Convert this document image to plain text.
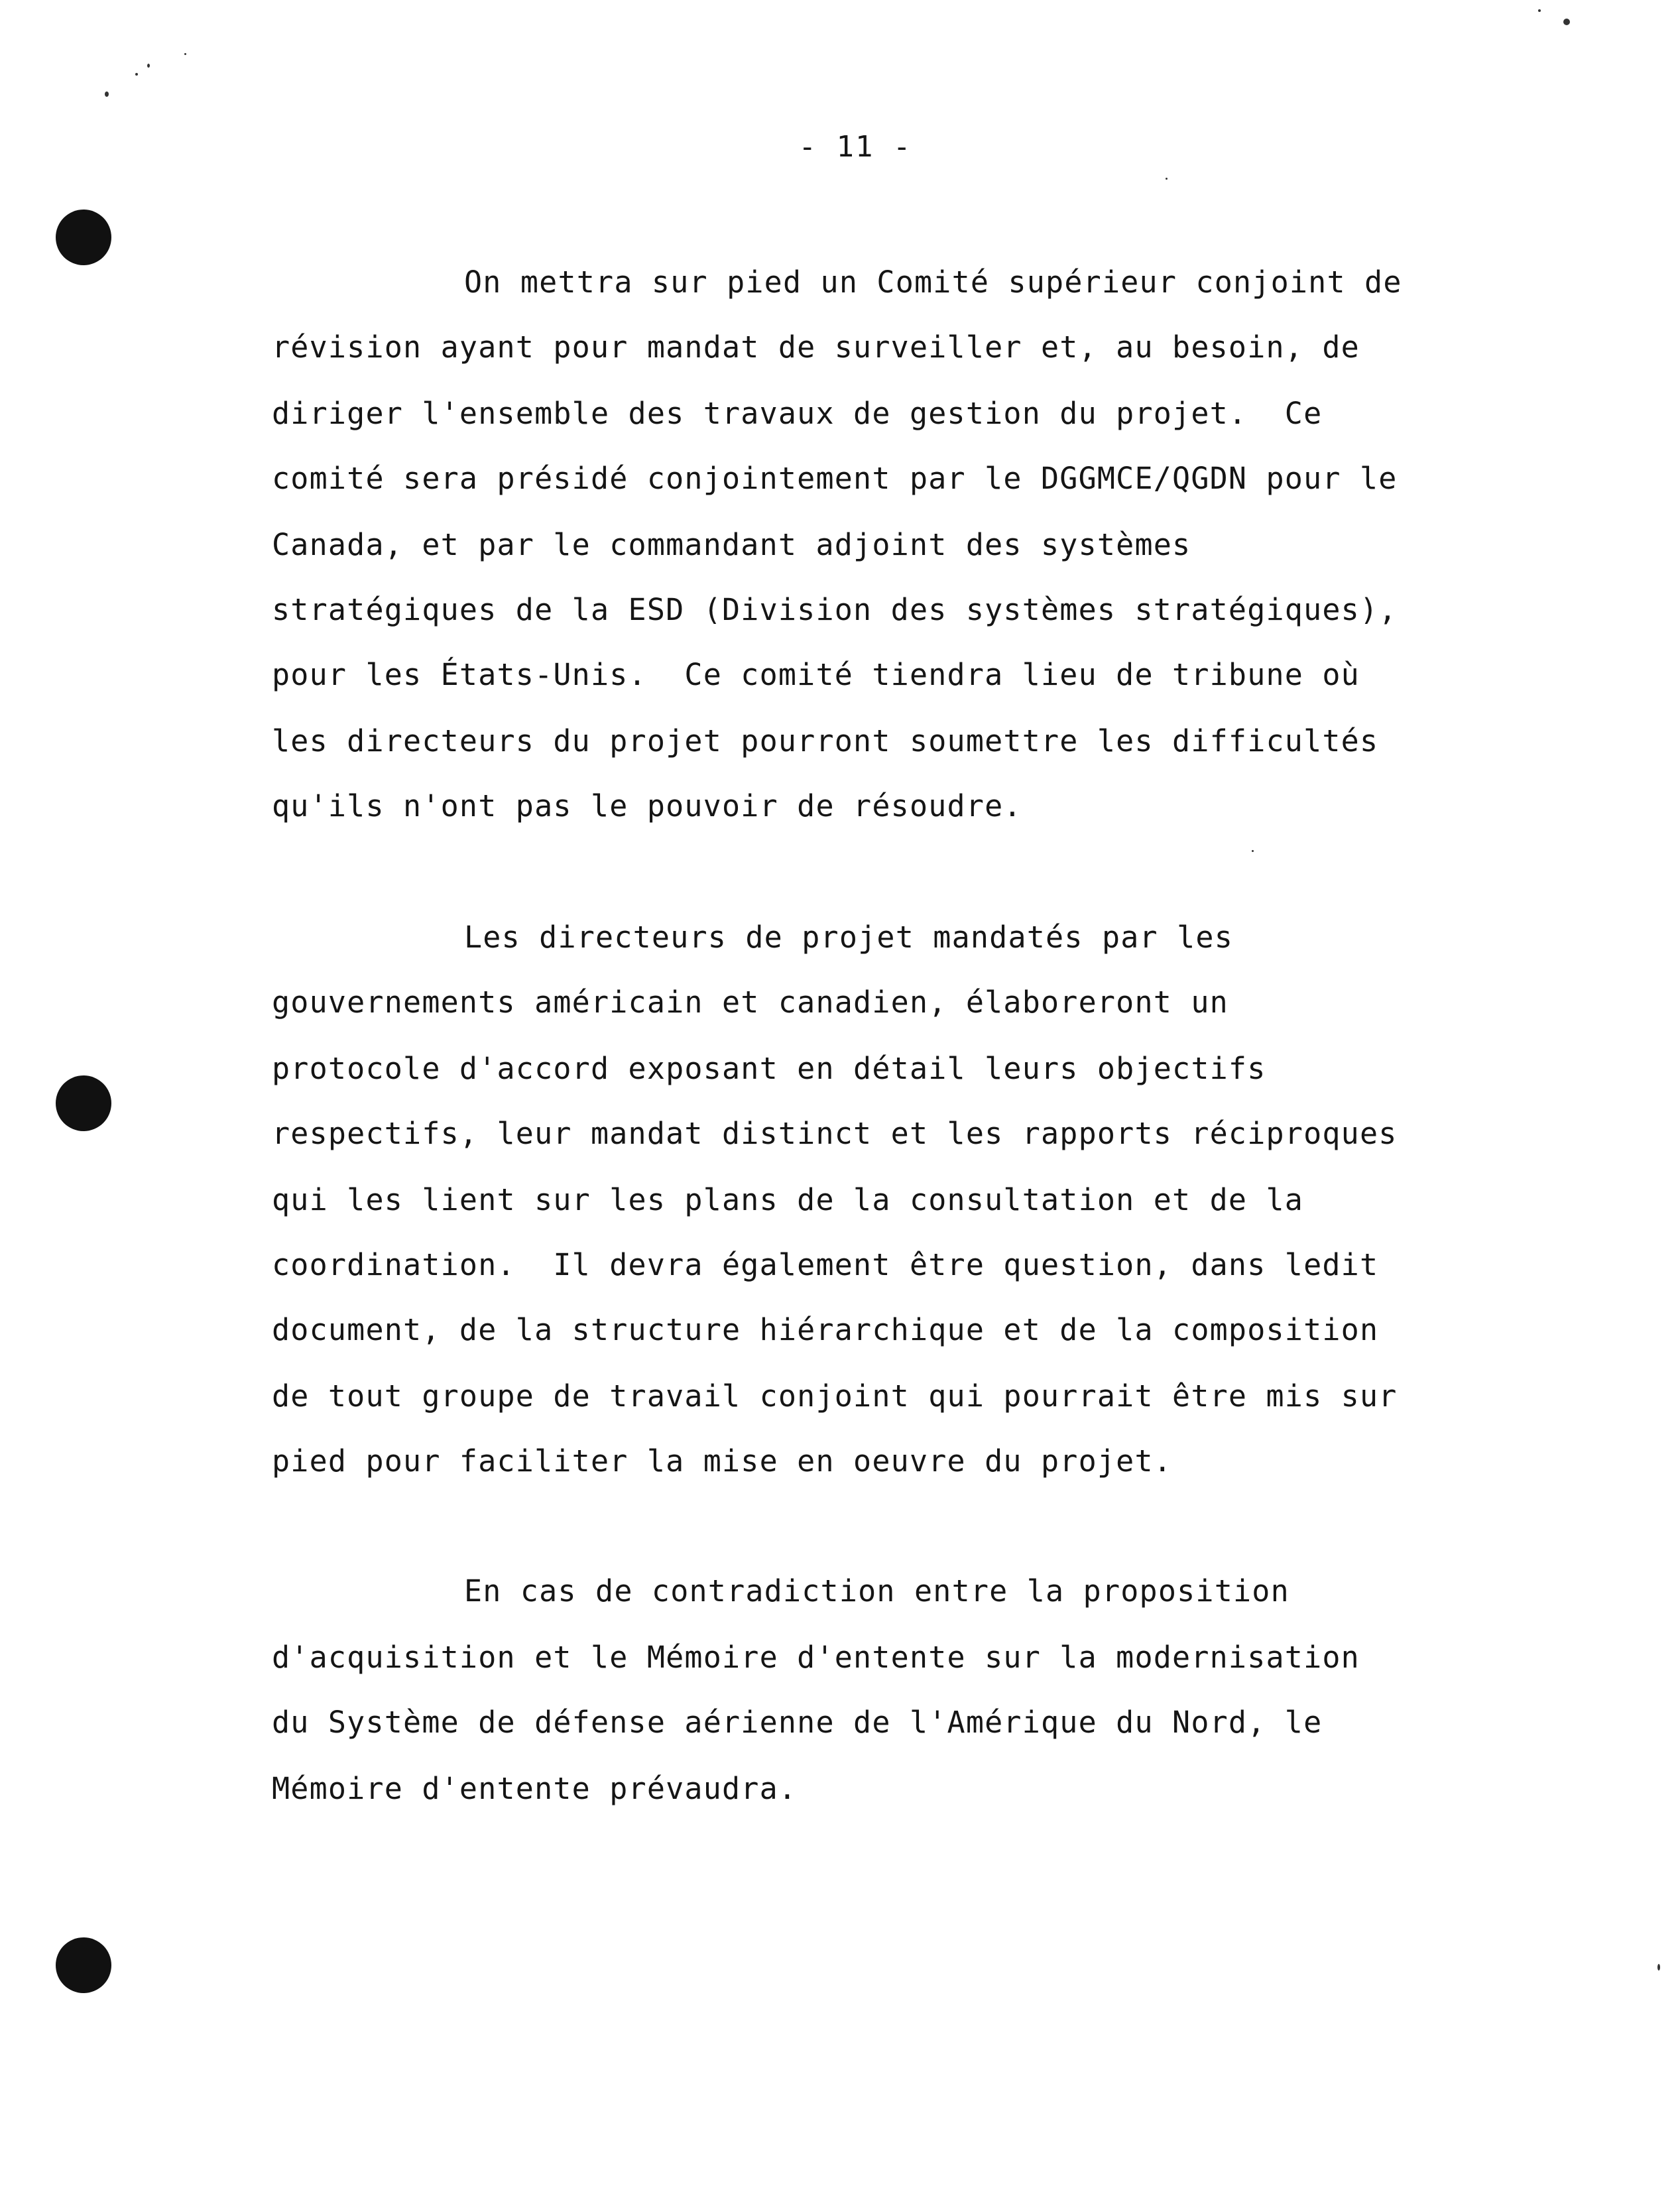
- 11 -
On mettra sur pied un Comité supérieur conjoint de
révision ayant pour mandat de surveiller et, au besoin, de
diriger l'ensemble des travaux de gestion du projet.  Ce
comité sera présidé conjointement par le DGGMCE/QGDN pour le
Canada, et par le commandant adjoint des systèmes
stratégiques de la ESD (Division des systèmes stratégiques),
pour les États-Unis.  Ce comité tiendra lieu de tribune où
les directeurs du projet pourront soumettre les difficultés
qu'ils n'ont pas le pouvoir de résoudre.
Les directeurs de projet mandatés par les
gouvernements américain et canadien, élaboreront un
protocole d'accord exposant en détail leurs objectifs
respectifs, leur mandat distinct et les rapports réciproques
qui les lient sur les plans de la consultation et de la
coordination.  Il devra également être question, dans ledit
document, de la structure hiérarchique et de la composition
de tout groupe de travail conjoint qui pourrait être mis sur
pied pour faciliter la mise en oeuvre du projet.
En cas de contradiction entre la proposition
d'acquisition et le Mémoire d'entente sur la modernisation
du Système de défense aérienne de l'Amérique du Nord, le
Mémoire d'entente prévaudra.
